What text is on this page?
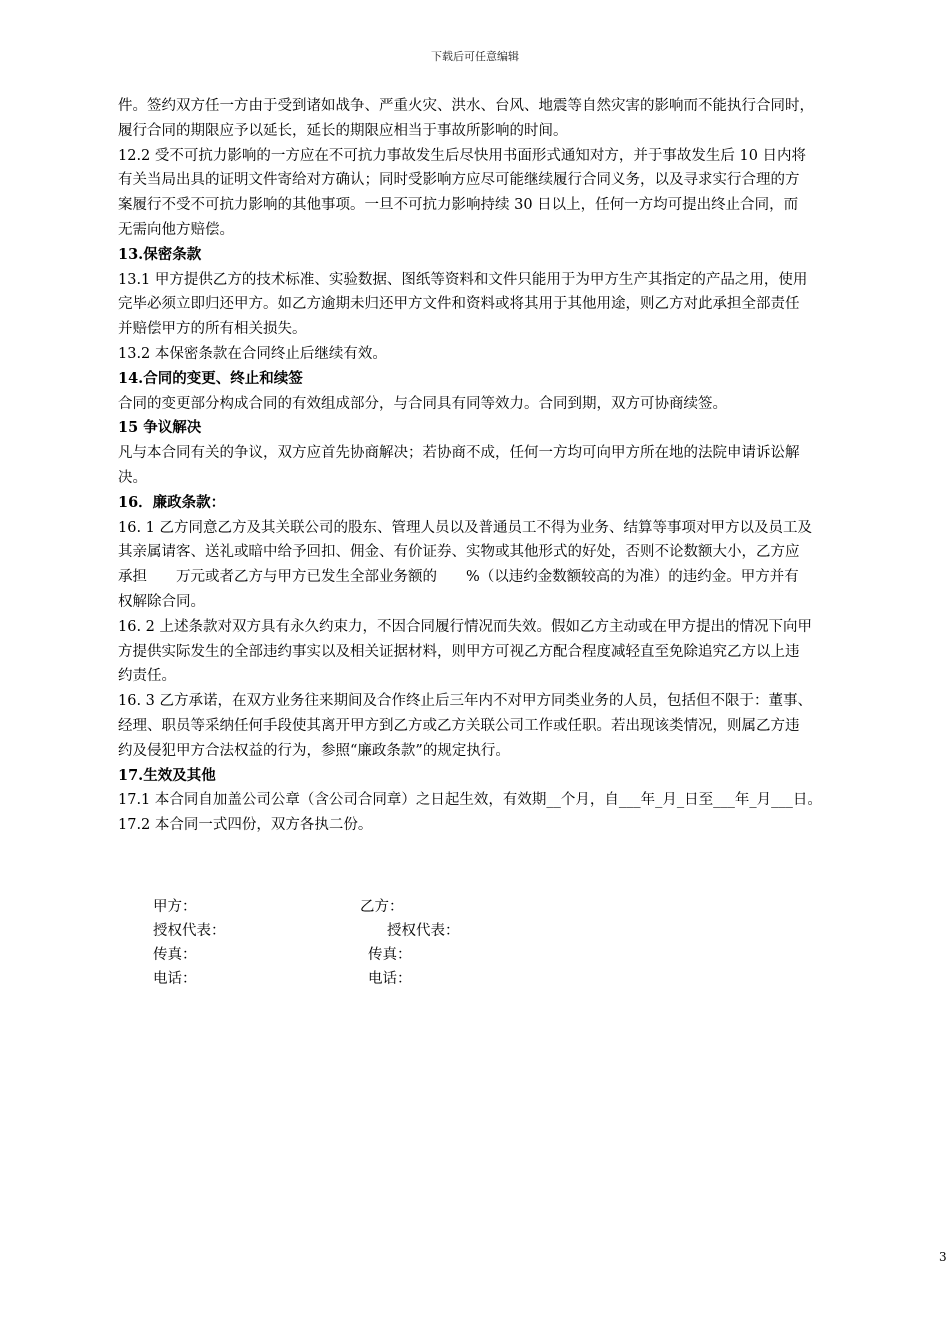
下载后可任意编辑
件。签约双方任一方由于受到诸如战争、严重火灾、洪水、台风、地震等自然灾害的影响而不能执行合同时，
履行合同的期限应予以延长，延长的期限应相当于事故所影响的时间。
12.2 受不可抗力影响的一方应在不可抗力事故发生后尽快用书面形式通知对方，并于事故发生后 10 日内将
有关当局出具的证明文件寄给对方确认；同时受影响方应尽可能继续履行合同义务，以及寻求实行合理的方
案履行不受不可抗力影响的其他事项。一旦不可抗力影响持续 30 日以上，任何一方均可提出终止合同，而
无需向他方赔偿。
13.保密条款
13.1 甲方提供乙方的技术标准、实验数据、图纸等资料和文件只能用于为甲方生产其指定的产品之用，使用
完毕必须立即归还甲方。如乙方逾期未归还甲方文件和资料或将其用于其他用途，则乙方对此承担全部责任
并赔偿甲方的所有相关损失。
13.2 本保密条款在合同终止后继续有效。
14.合同的变更、终止和续签
合同的变更部分构成合同的有效组成部分，与合同具有同等效力。合同到期，双方可协商续签。
15 争议解决
凡与本合同有关的争议，双方应首先协商解决；若协商不成，任何一方均可向甲方所在地的法院申请诉讼解
决。
16．廉政条款：
16. 1 乙方同意乙方及其关联公司的股东、管理人员以及普通员工不得为业务、结算等事项对甲方以及员工及
其亲属请客、送礼或暗中给予回扣、佣金、有价证券、实物或其他形式的好处，否则不论数额大小，乙方应
承担　　万元或者乙方与甲方已发生全部业务额的　　%（以违约金数额较高的为准）的违约金。甲方并有
权解除合同。
16. 2 上述条款对双方具有永久约束力，不因合同履行情况而失效。假如乙方主动或在甲方提出的情况下向甲
方提供实际发生的全部违约事实以及相关证据材料，则甲方可视乙方配合程度减轻直至免除追究乙方以上违
约责任。
16. 3 乙方承诺，在双方业务往来期间及合作终止后三年内不对甲方同类业务的人员，包括但不限于：董事、
经理、职员等采纳任何手段使其离开甲方到乙方或乙方关联公司工作或任职。若出现该类情况，则属乙方违
约及侵犯甲方合法权益的行为，参照“廉政条款”的规定执行。
17.生效及其他
17.1 本合同自加盖公司公章（含公司合同章）之日起生效，有效期__个月，自___年_月_日至___年_月___日。
17.2 本合同一式四份，双方各执二份。
甲方：	乙方：
授权代表：	授权代表：
传真：	传真：
电话：	电话：
3
